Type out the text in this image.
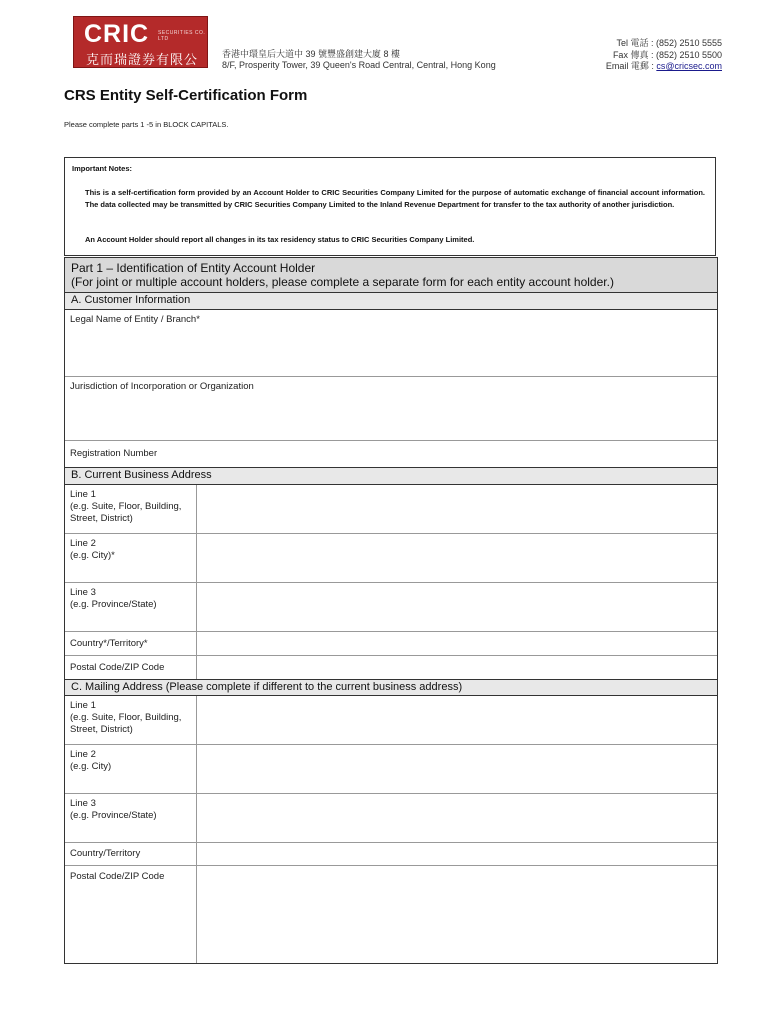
CRIC SECURITIES CO. LTD
克而瑞證券有限公司
香港中環皇后大道中 39 號豐盛創建大廈 8 樓
8/F, Prosperity Tower, 39 Queen's Road Central, Central, Hong Kong
Tel 電話 : (852) 2510 5555
Fax 傳真 : (852) 2510 5500
Email 電郵 : cs@cricsec.com
CRS Entity Self-Certification Form
Please complete parts 1 -5 in BLOCK CAPITALS.
Important Notes:
This is a self-certification form provided by an Account Holder to CRIC Securities Company Limited for the purpose of automatic exchange of financial account information. The data collected may be transmitted by CRIC Securities Company Limited to the Inland Revenue Department for transfer to the tax authority of another jurisdiction.
An Account Holder should report all changes in its tax residency status to CRIC Securities Company Limited.
Part 1 – Identification of Entity Account Holder
(For joint or multiple account holders, please complete a separate form for each entity account holder.)
A. Customer Information
Legal Name of Entity / Branch*
Jurisdiction of Incorporation or Organization
Registration Number
B. Current Business Address
Line 1
(e.g. Suite, Floor, Building,
Street, District)
Line 2
(e.g. City)*
Line 3
(e.g. Province/State)
Country*/Territory*
Postal Code/ZIP Code
C. Mailing Address (Please complete if different to the current business address)
Line 1
(e.g. Suite, Floor, Building,
Street, District)
Line 2
(e.g. City)
Line 3
(e.g. Province/State)
Country/Territory
Postal Code/ZIP Code
